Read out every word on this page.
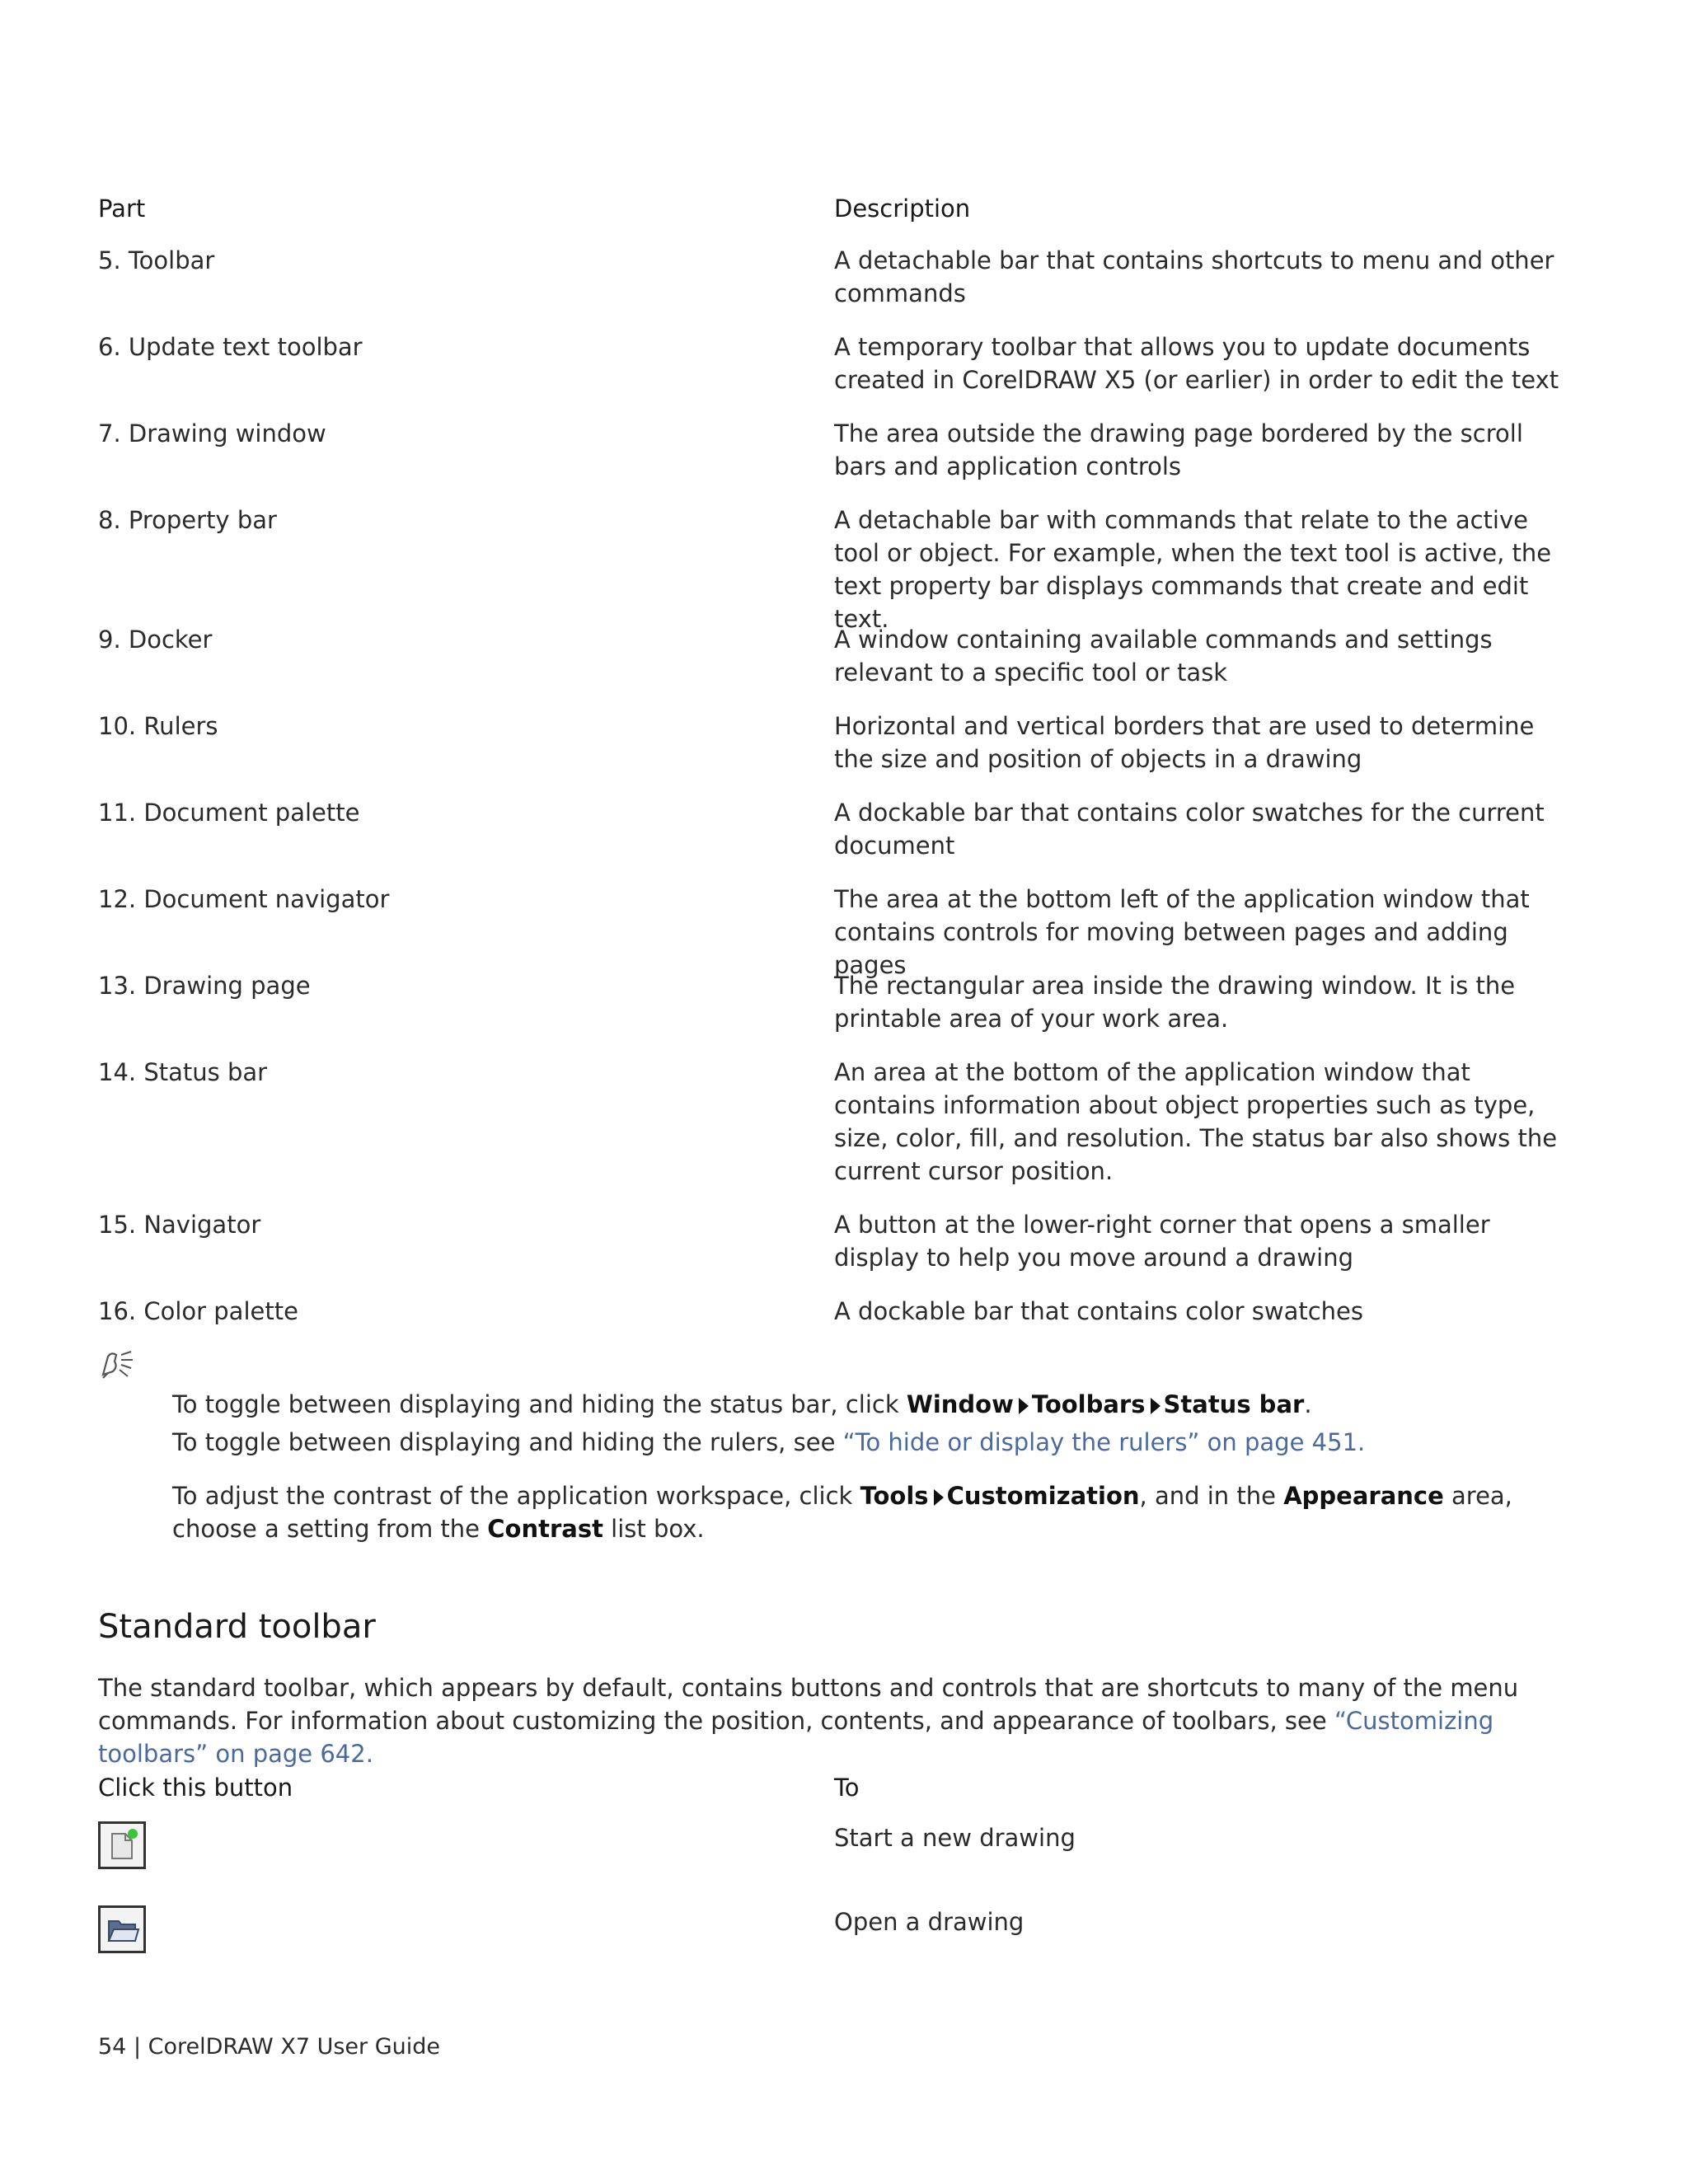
Part	Description
5. Toolbar	A detachable bar that contains shortcuts to menu and other commands
6. Update text toolbar	A temporary toolbar that allows you to update documents created in CorelDRAW X5 (or earlier) in order to edit the text
7. Drawing window	The area outside the drawing page bordered by the scroll bars and application controls
8. Property bar	A detachable bar with commands that relate to the active tool or object. For example, when the text tool is active, the text property bar displays commands that create and edit text.
9. Docker	A window containing available commands and settings relevant to a specific tool or task
10. Rulers	Horizontal and vertical borders that are used to determine the size and position of objects in a drawing
11. Document palette	A dockable bar that contains color swatches for the current document
12. Document navigator	The area at the bottom left of the application window that contains controls for moving between pages and adding pages
13. Drawing page	The rectangular area inside the drawing window. It is the printable area of your work area.
14. Status bar	An area at the bottom of the application window that contains information about object properties such as type, size, color, fill, and resolution. The status bar also shows the current cursor position.
15. Navigator	A button at the lower-right corner that opens a smaller display to help you move around a drawing
16. Color palette	A dockable bar that contains color swatches
To toggle between displaying and hiding the status bar, click Window Toolbars Status bar.
To toggle between displaying and hiding the rulers, see “To hide or display the rulers” on page 451.
To adjust the contrast of the application workspace, click Tools Customization, and in the Appearance area, choose a setting from the Contrast list box.
Standard toolbar
The standard toolbar, which appears by default, contains buttons and controls that are shortcuts to many of the menu commands. For information about customizing the position, contents, and appearance of toolbars, see “Customizing toolbars” on page 642.
Click this button	To
Start a new drawing
Open a drawing
54 | CorelDRAW X7 User Guide
